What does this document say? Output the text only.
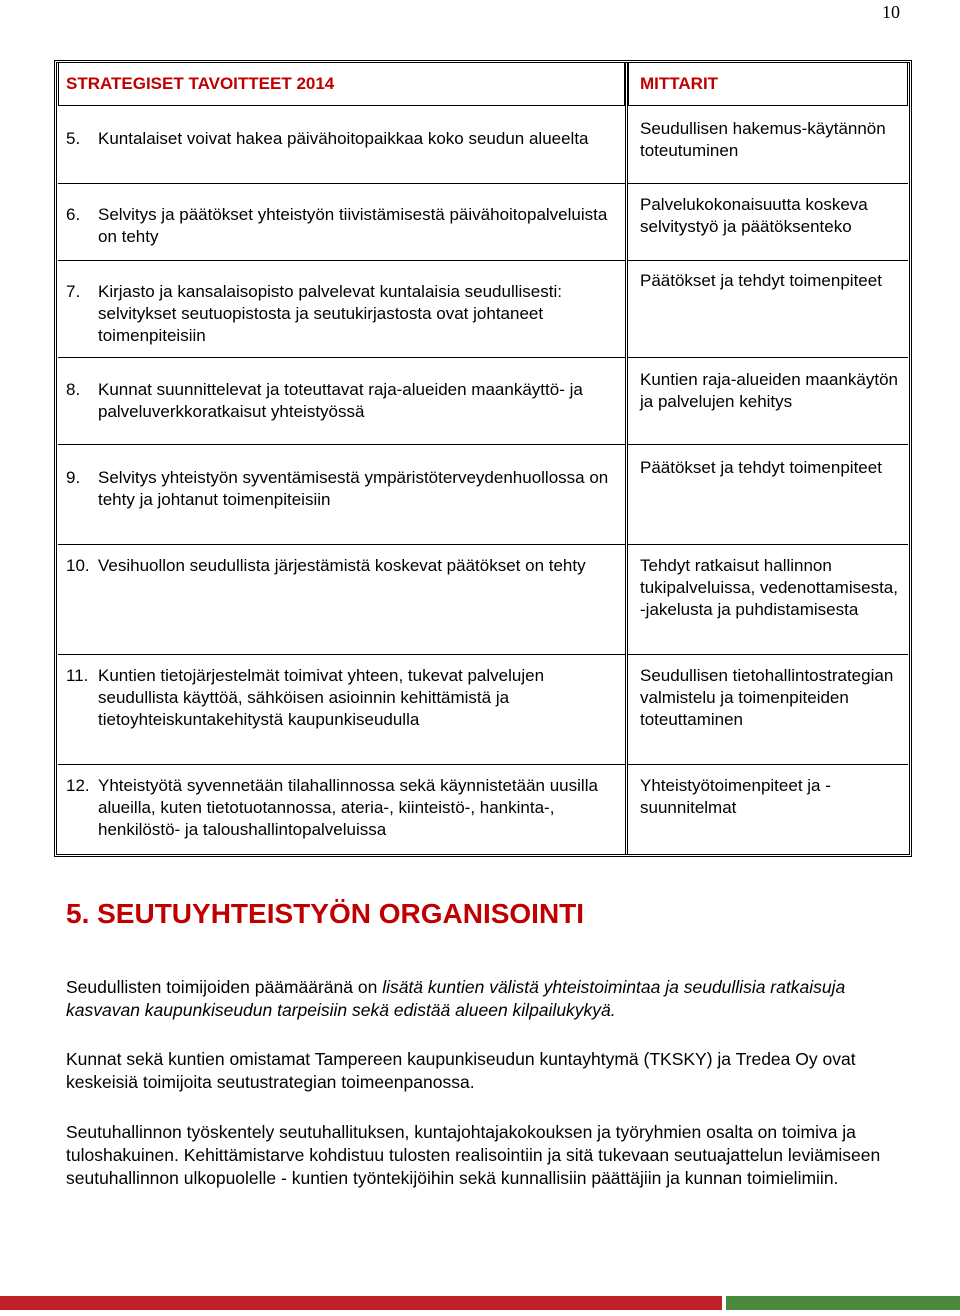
10
STRATEGISET TAVOITTEET 2014	MITTARIT
5. Kuntalaiset voivat hakea päivähoitopaikkaa koko seudun alueelta
Seudullisen hakemus-käytännön toteutuminen
6. Selvitys ja päätökset yhteistyön tiivistämisestä päivähoitopalveluista on tehty
Palvelukokonaisuutta koskeva selvitystyö ja päätöksenteko
7. Kirjasto ja kansalaisopisto palvelevat kuntalaisia seudullisesti: selvitykset seutuopistosta ja seutukirjastosta ovat johtaneet toimenpiteisiin
Päätökset ja tehdyt toimenpiteet
8. Kunnat suunnittelevat ja toteuttavat raja-alueiden maankäyttö- ja palveluverkkoratkaisut yhteistyössä
Kuntien raja-alueiden maankäytön ja palvelujen kehitys
9. Selvitys yhteistyön syventämisestä ympäristöterveydenhuollossa on tehty ja johtanut toimenpiteisiin
Päätökset ja tehdyt toimenpiteet
10. Vesihuollon seudullista järjestämistä koskevat päätökset on tehty	Tehdyt ratkaisut hallinnon tukipalveluissa, vedenottamisesta, -jakelusta ja puhdistamisesta
11. Kuntien tietojärjestelmät toimivat yhteen, tukevat palvelujen seudullista käyttöä, sähköisen asioinnin kehittämistä ja tietoyhteiskuntakehitystä kaupunkiseudulla
Seudullisen tietohallintostrategian valmistelu ja toimenpiteiden toteuttaminen
12. Yhteistyötä syvennetään tilahallinnossa sekä käynnistetään uusilla alueilla, kuten tietotuotannossa, ateria-, kiinteistö-, hankinta-, henkilöstö- ja taloushallintopalveluissa
Yhteistyötoimenpiteet ja -suunnitelmat
5. SEUTUYHTEISTYÖN ORGANISOINTI
Seudullisten toimijoiden päämääränä on lisätä kuntien välistä yhteistoimintaa ja seudullisia ratkaisuja kasvavan kaupunkiseudun tarpeisiin sekä edistää alueen kilpailukykyä.
Kunnat sekä kuntien omistamat Tampereen kaupunkiseudun kuntayhtymä (TKSKY) ja Tredea Oy ovat keskeisiä toimijoita seutustrategian toimeenpanossa.
Seutuhallinnon työskentely seutuhallituksen, kuntajohtajakokouksen ja työryhmien osalta on toimiva ja tuloshakuinen. Kehittämistarve kohdistuu tulosten realisointiin ja sitä tukevaan seutuajattelun leviämiseen seutuhallinnon ulkopuolelle - kuntien työntekijöihin sekä kunnallisiin päättäjiin ja kunnan toimielimiin.
